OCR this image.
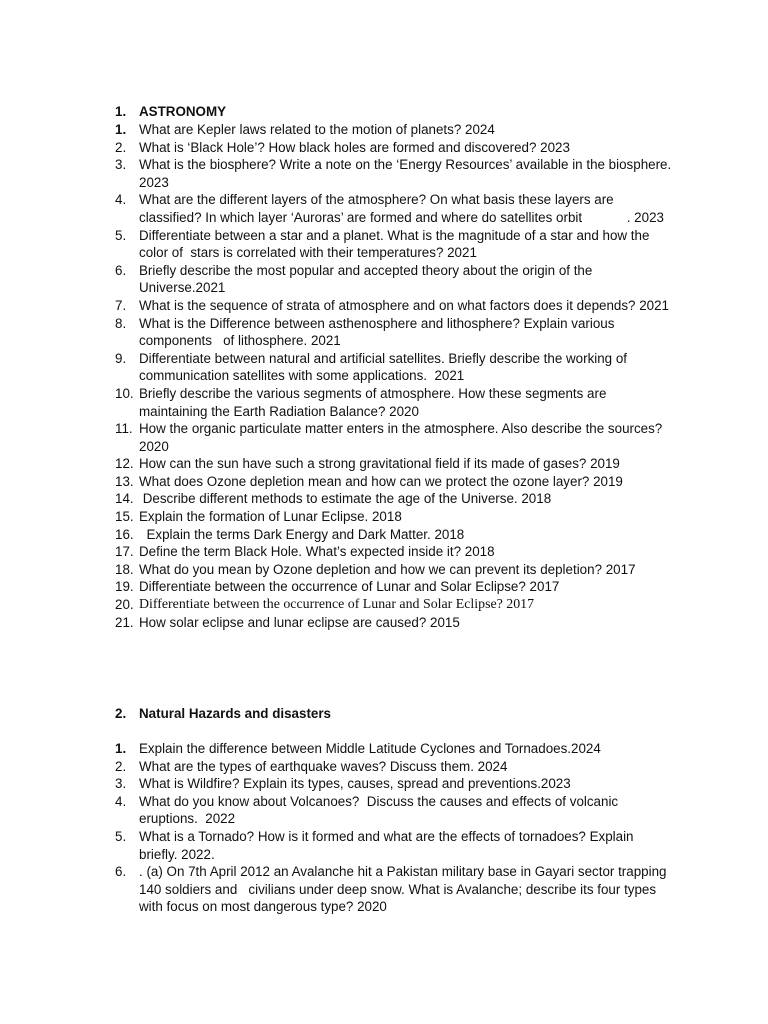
1. ASTRONOMY
1. What are Kepler laws related to the motion of planets? 2024
2. What is ‘Black Hole’? How black holes are formed and discovered? 2023
3. What is the biosphere? Write a note on the ‘Energy Resources’ available in the biosphere. 2023
4. What are the different layers of the atmosphere? On what basis these layers are classified? In which layer ‘Auroras’ are formed and where do satellites orbit            . 2023
5. Differentiate between a star and a planet. What is the magnitude of a star and how the color of  stars is correlated with their temperatures? 2021
6. Briefly describe the most popular and accepted theory about the origin of the Universe.2021
7. What is the sequence of strata of atmosphere and on what factors does it depends? 2021
8. What is the Difference between asthenosphere and lithosphere? Explain various components   of lithosphere. 2021
9. Differentiate between natural and artificial satellites. Briefly describe the working of communication satellites with some applications.  2021
10. Briefly describe the various segments of atmosphere. How these segments are maintaining the Earth Radiation Balance? 2020
11. How the organic particulate matter enters in the atmosphere. Also describe the sources? 2020
12. How can the sun have such a strong gravitational field if its made of gases? 2019
13. What does Ozone depletion mean and how can we protect the ozone layer? 2019
14. Describe different methods to estimate the age of the Universe. 2018
15. Explain the formation of Lunar Eclipse. 2018
16. Explain the terms Dark Energy and Dark Matter. 2018
17. Define the term Black Hole. What’s expected inside it? 2018
18. What do you mean by Ozone depletion and how we can prevent its depletion? 2017
19. Differentiate between the occurrence of Lunar and Solar Eclipse? 2017
20. Differentiate between the occurrence of Lunar and Solar Eclipse? 2017
21. How solar eclipse and lunar eclipse are caused? 2015
2. Natural Hazards and disasters
1. Explain the difference between Middle Latitude Cyclones and Tornadoes.2024
2. What are the types of earthquake waves? Discuss them. 2024
3. What is Wildfire? Explain its types, causes, spread and preventions.2023
4. What do you know about Volcanoes?  Discuss the causes and effects of volcanic eruptions.  2022
5. What is a Tornado? How is it formed and what are the effects of tornadoes? Explain briefly. 2022.
6. . (a) On 7th April 2012 an Avalanche hit a Pakistan military base in Gayari sector trapping 140 soldiers and   civilians under deep snow. What is Avalanche; describe its four types with focus on most dangerous type? 2020
